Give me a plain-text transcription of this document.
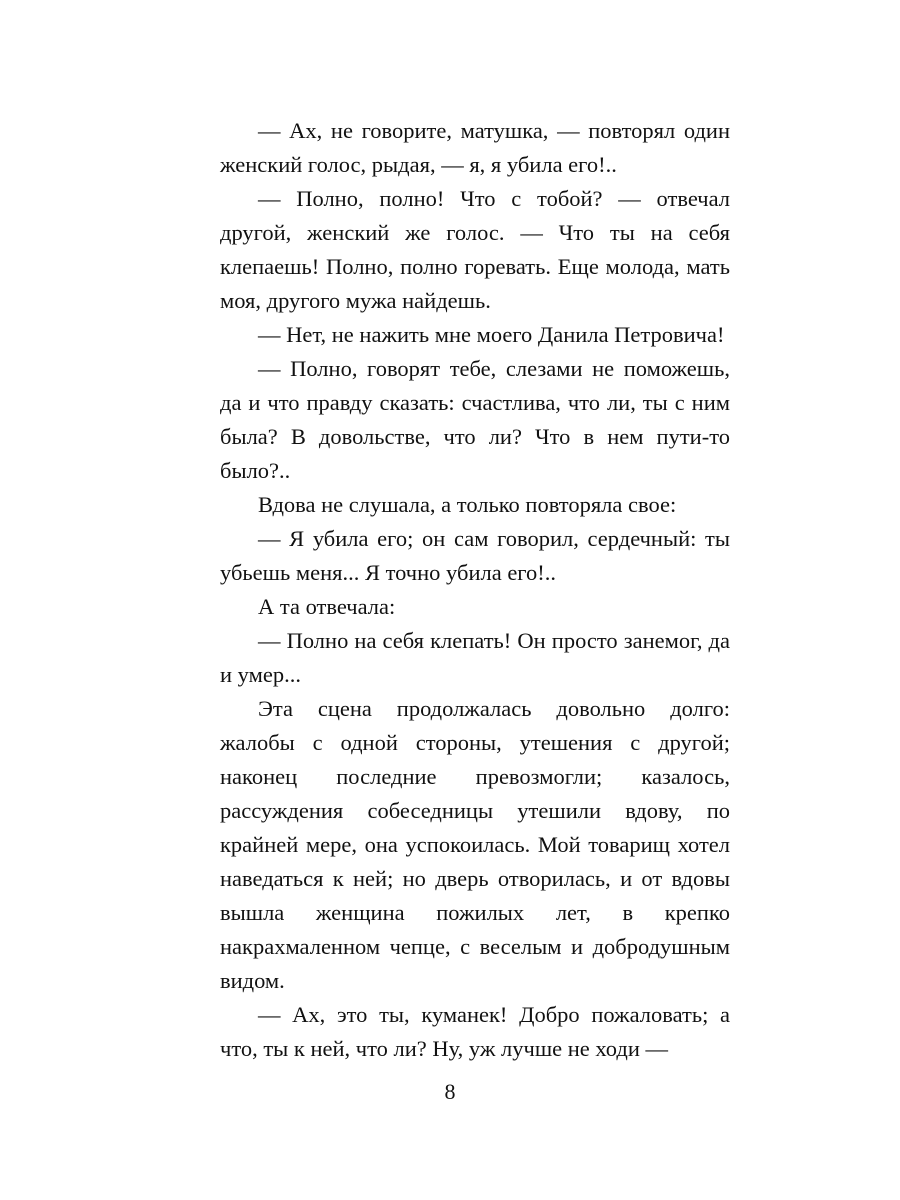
— Ах, не говорите, матушка, — повторял один женский голос, рыдая, — я, я убила его!..

— Полно, полно! Что с тобой? — отвечал другой, женский же голос. — Что ты на себя клепаешь! Полно, полно горевать. Еще молода, мать моя, другого мужа найдешь.

— Нет, не нажить мне моего Данила Петровича!

— Полно, говорят тебе, слезами не поможешь, да и что правду сказать: счастлива, что ли, ты с ним была? В довольстве, что ли? Что в нем пути-то было?..

Вдова не слушала, а только повторяла свое:

— Я убила его; он сам говорил, сердечный: ты убьешь меня... Я точно убила его!..

А та отвечала:

— Полно на себя клепать! Он просто занемог, да и умер...

Эта сцена продолжалась довольно долго: жалобы с одной стороны, утешения с другой; наконец последние превозмогли; казалось, рассуждения собеседницы утешили вдову, по крайней мере, она успокоилась. Мой товарищ хотел наведаться к ней; но дверь отворилась, и от вдовы вышла женщина пожилых лет, в крепко накрахмаленном чепце, с веселым и добродушным видом.

— Ах, это ты, куманек! Добро пожаловать; а что, ты к ней, что ли? Ну, уж лучше не ходи —

8
